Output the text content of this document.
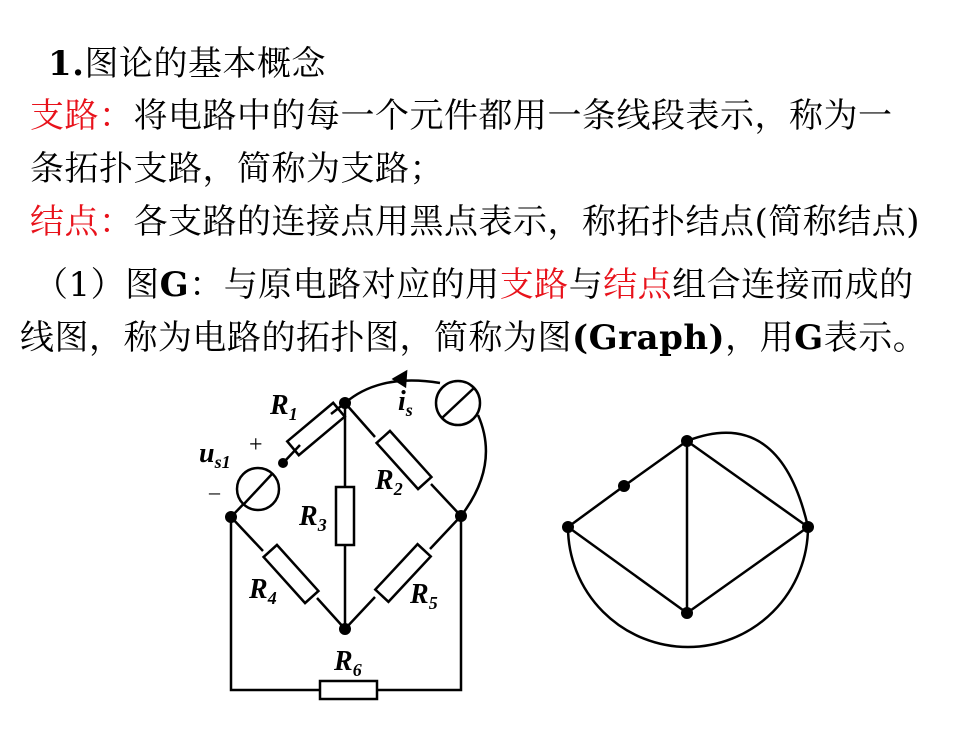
1.图论的基本概念
支路：将电路中的每一个元件都用一条线段表示，称为一
条拓扑支路，简称为支路；
结点：各支路的连接点用黑点表示，称拓扑结点(简称结点)
（1）图G：与原电路对应的用支路与结点组合连接而成的
线图，称为电路的拓扑图，简称为图(Graph)，用G表示。
$R_1$
$R_2$
$R_3$
$R_4$	$R_5$
$R_6$
$u_{s1}$
+
–
$i_s$
